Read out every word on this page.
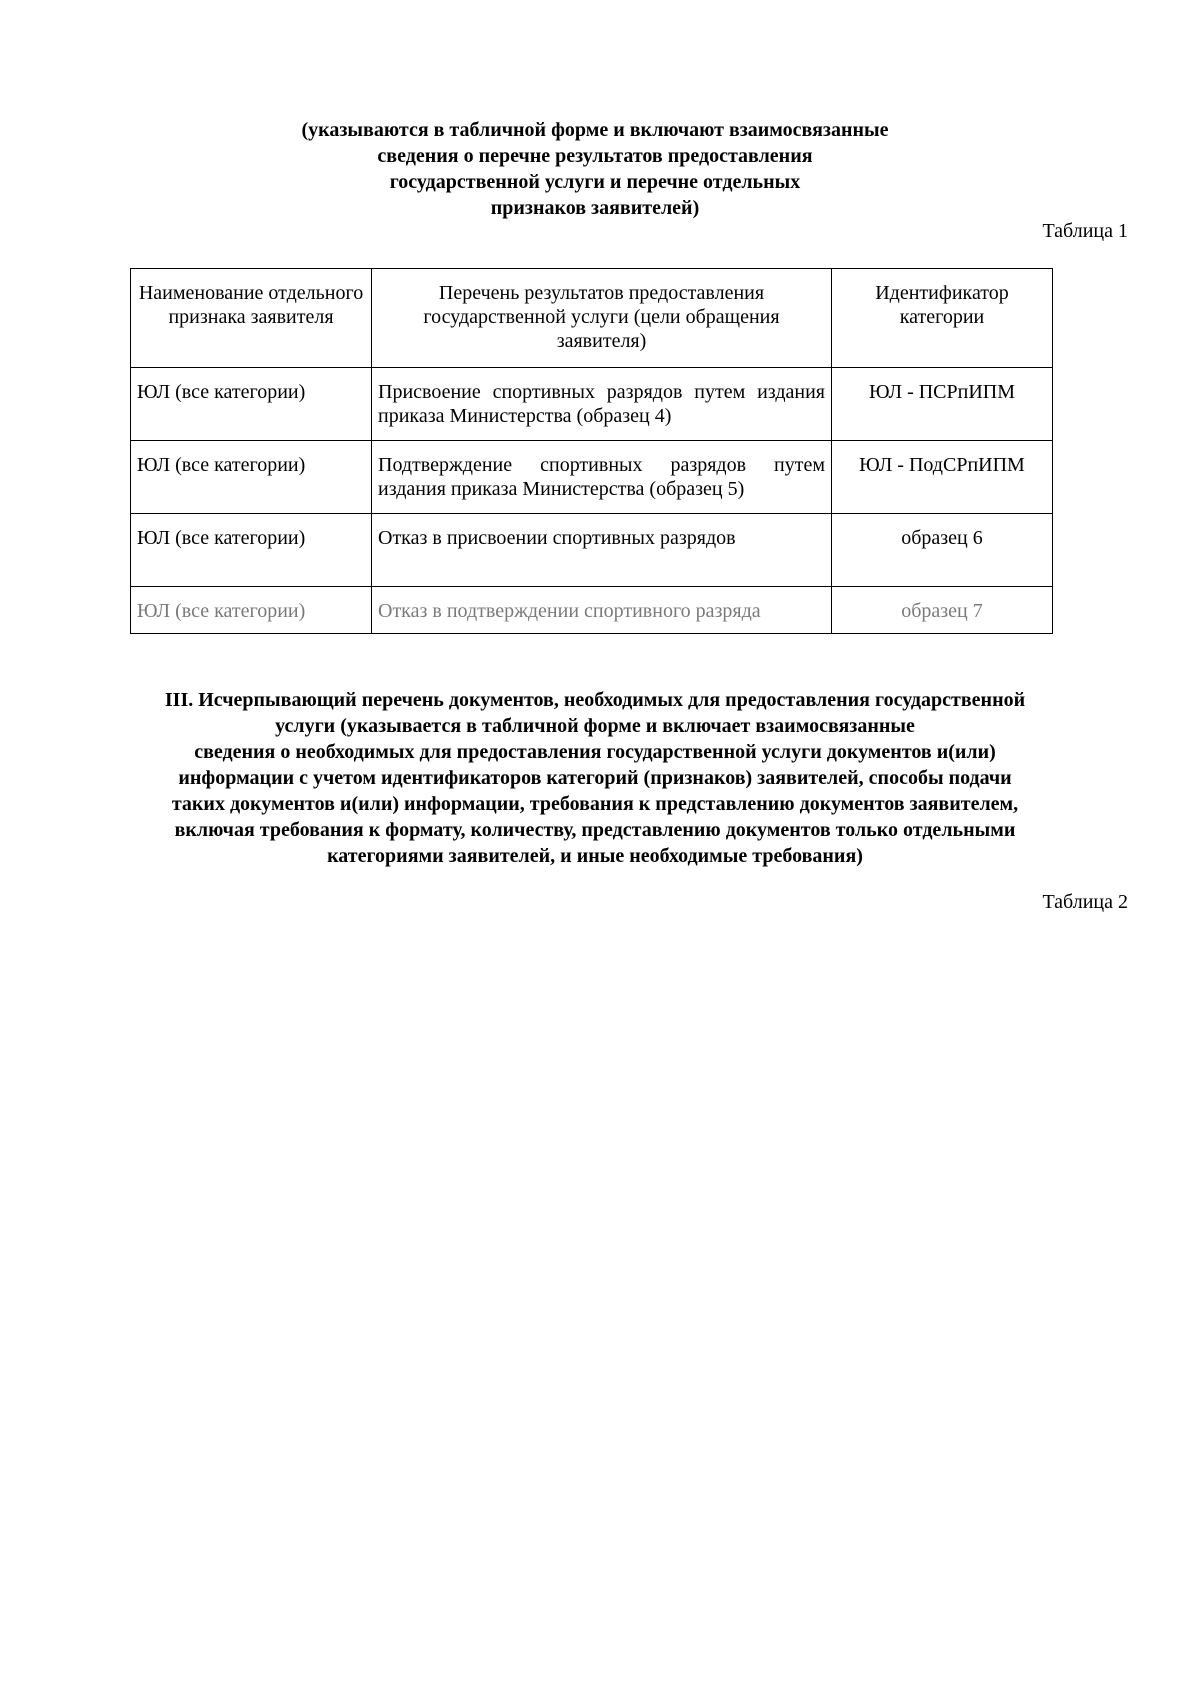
(указываются в табличной форме и включают взаимосвязанные
сведения о перечне результатов предоставления
государственной услуги и перечне отдельных
признаков заявителей)
Таблица 1
Наименование отдельного признака заявителя	Перечень результатов предоставления государственной услуги (цели обращения заявителя)	Идентификатор категории
ЮЛ (все категории)	Присвоение спортивных разрядов путем издания приказа Министерства (образец 4)	ЮЛ - ПСРпИПМ
ЮЛ (все категории)	Подтверждение спортивных разрядов путем издания приказа Министерства (образец 5)	ЮЛ - ПодСРпИПМ
ЮЛ (все категории)	Отказ в присвоении спортивных разрядов	образец 6
ЮЛ (все категории)	Отказ в подтверждении спортивного разряда	образец 7
III. Исчерпывающий перечень документов, необходимых для предоставления государственной
услуги (указывается в табличной форме и включает взаимосвязанные
сведения о необходимых для предоставления государственной услуги документов и(или)
информации с учетом идентификаторов категорий (признаков) заявителей, способы подачи
таких документов и(или) информации, требования к представлению документов заявителем,
включая требования к формату, количеству, представлению документов только отдельными
категориями заявителей, и иные необходимые требования)
Таблица 2
